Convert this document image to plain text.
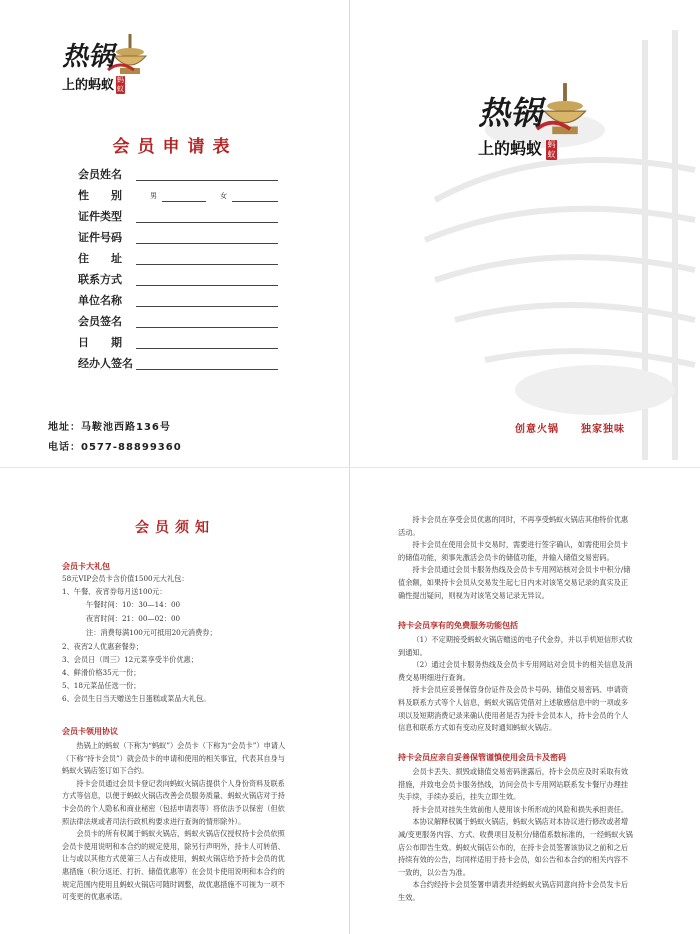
热锅
上的蚂蚁 蚂蚁
热锅
上的蚂蚁 蚂蚁
会员申请表
会员姓名
性　　别	男	女
证件类型
证件号码
住　　址
联系方式
单位名称
会员签名
日　　期
经办人签名
地址：马鞍池西路136号
电话：0577-88899360
创意火锅　　独家独味
会员须知
会员卡大礼包
58元VIP会员卡含价值1500元大礼包：
1、午餐、夜宵券每月送100元：
午餐时间：10：30—14：00
夜宵时间：21：00—02：00
注：消费每满100元可抵用20元消费券；
2、夜宵2人优惠套餐券；
3、会员日（周三）12元菜享受半价优惠；
4、鲜滑价格35元一份；
5、18元菜品任选一份；
6、会员生日当天赠送生日蛋糕或菜品大礼包。
会员卡领用协议

热锅上的蚂蚁（下称为“蚂蚁”）会员卡（下称为“会员卡”）申请人（下称“持卡会员”）就会员卡的申请和使用的相关事宜，代表其自身与蚂蚁火锅店签订如下合约。

持卡会员通过会员卡登记表向蚂蚁火锅店提供个人身份资料及联系方式等信息，以便于蚂蚁火锅店改善会员服务质量、蚂蚁火锅店对于持卡会员的个人隐私和商业秘密（包括申请表等）将依法予以保密（但依照法律法规或者司法行政机构要求进行查询的情形除外）。

会员卡的所有权属于蚂蚁火锅店，蚂蚁火锅店仅授权持卡会员依照会员卡使用说明和本合约的规定使用，除另行声明外，持卡人可转借、让与或以其他方式使第三人占有或使用，蚂蚁火锅店给予持卡会员的优惠措施（积分返还、打折、储值优惠等）在会员卡使用说明和本合约的规定范围内使用且蚂蚁火锅店可随时调整，故优惠措施不可视为一项不可变更的优惠承诺。

持卡会员在享受会员优惠的同时，不再享受蚂蚁火锅店其他特价优惠活动。

持卡会员在使用会员卡交易时，需要进行签字确认，如需使用会员卡的储值功能，须事先激活会员卡的储值功能，并输入储值交易密码。

持卡会员通过会员卡服务热线及会员卡专用网站核对会员卡中积分/储值余额，如果持卡会员从交易发生起七日内未对该笔交易记录的真实及正确性提出疑问，则视为对该笔交易记录无异议。

持卡会员享有的免费服务功能包括

（1）不定期接受蚂蚁火锅店赠送的电子代金券，并以手机短信形式收到通知。

（2）通过会员卡服务热线及会员卡专用网站对会员卡的相关信息及消费交易明细进行查询。

持卡会员应妥善保管身份证件及会员卡号码、储值交易密码、申请资料及联系方式等个人信息，蚂蚁火锅店凭借对上述敏感信息中的一项或多项以及短期消费记录来确认使用者是否为持卡会员本人，持卡会员的个人信息和联系方式如有变动应及时通知蚂蚁火锅店。

持卡会员应亲自妥善保管谨慎使用会员卡及密码

会员卡丢失、损毁或储值交易密码泄露后，持卡会员应及时采取有效措施，并致电会员卡服务热线，访问会员卡专用网站联系发卡餐厅办理挂失手续，手续办妥后，挂失立即生效。

持卡会员对挂失生效前他人使用该卡所形成的风险和损失承担责任。

本协议解释权属于蚂蚁火锅店，蚂蚁火锅店对本协议进行修改或者增减/变更服务内容、方式、收费项目及积分/储值系数标准的，一经蚂蚁火锅店公布即告生效。蚂蚁火锅店公布的，在持卡会员签署该协议之前和之后持续有效的公告，均同样适用于持卡会员，如公告和本合约的相关内容不一致的，以公告为准。

本合约经持卡会员签署申请表并经蚂蚁火锅店同意向持卡会员发卡后生效。
